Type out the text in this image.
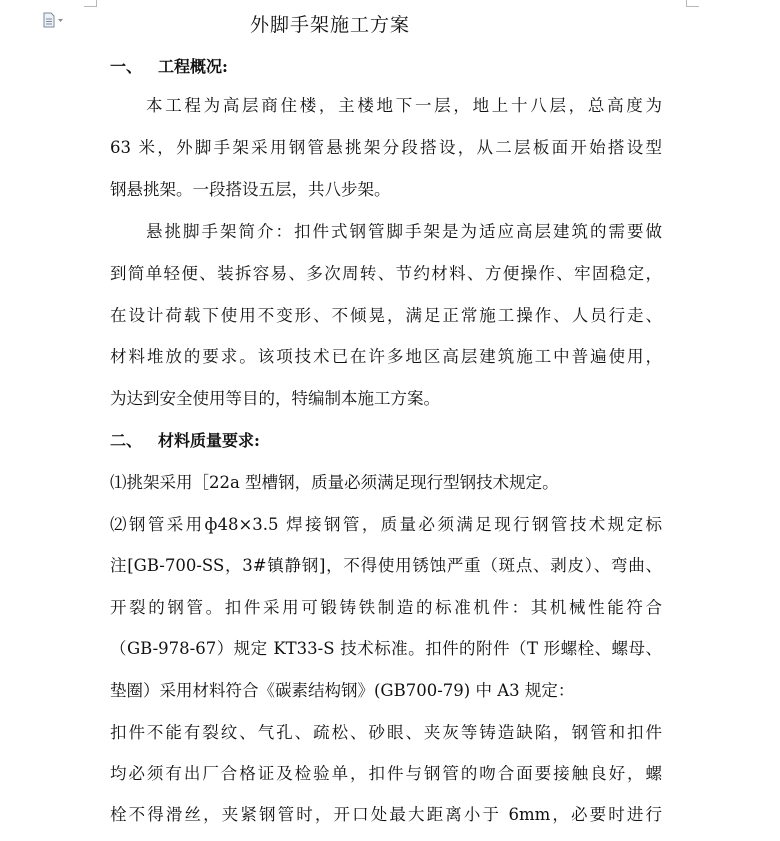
外脚手架施工方案
一、 工程概况:
本工程为高层商住楼，主楼地下一层，地上十八层，总高度为
63 米，外脚手架采用钢管悬挑架分段搭设，从二层板面开始搭设型
钢悬挑架。一段搭设五层，共八步架。
悬挑脚手架简介：扣件式钢管脚手架是为适应高层建筑的需要做
到简单轻便、装拆容易、多次周转、节约材料、方便操作、牢固稳定，
在设计荷载下使用不变形、不倾晃，满足正常施工操作、人员行走、
材料堆放的要求。该项技术已在许多地区高层建筑施工中普遍使用，
为达到安全使用等目的，特编制本施工方案。
二、 材料质量要求:
⑴挑架采用［22a 型槽钢，质量必须满足现行型钢技术规定。
⑵钢管采用ф48×3.5 焊接钢管，质量必须满足现行钢管技术规定标
注[GB-700-SS，3#镇静钢]，不得使用锈蚀严重（斑点、剥皮）、弯曲、
开裂的钢管。扣件采用可锻铸铁制造的标准机件：其机械性能符合
（GB-978-67）规定 KT33-S 技术标准。扣件的附件（T 形螺栓、螺母、
垫圈）采用材料符合《碳素结构钢》(GB700-79) 中 A3 规定：
扣件不能有裂纹、气孔、疏松、砂眼、夹灰等铸造缺陷，钢管和扣件
均必须有出厂合格证及检验单，扣件与钢管的吻合面要接触良好，螺
栓不得滑丝，夹紧钢管时，开口处最大距离小于 6mm，必要时进行
